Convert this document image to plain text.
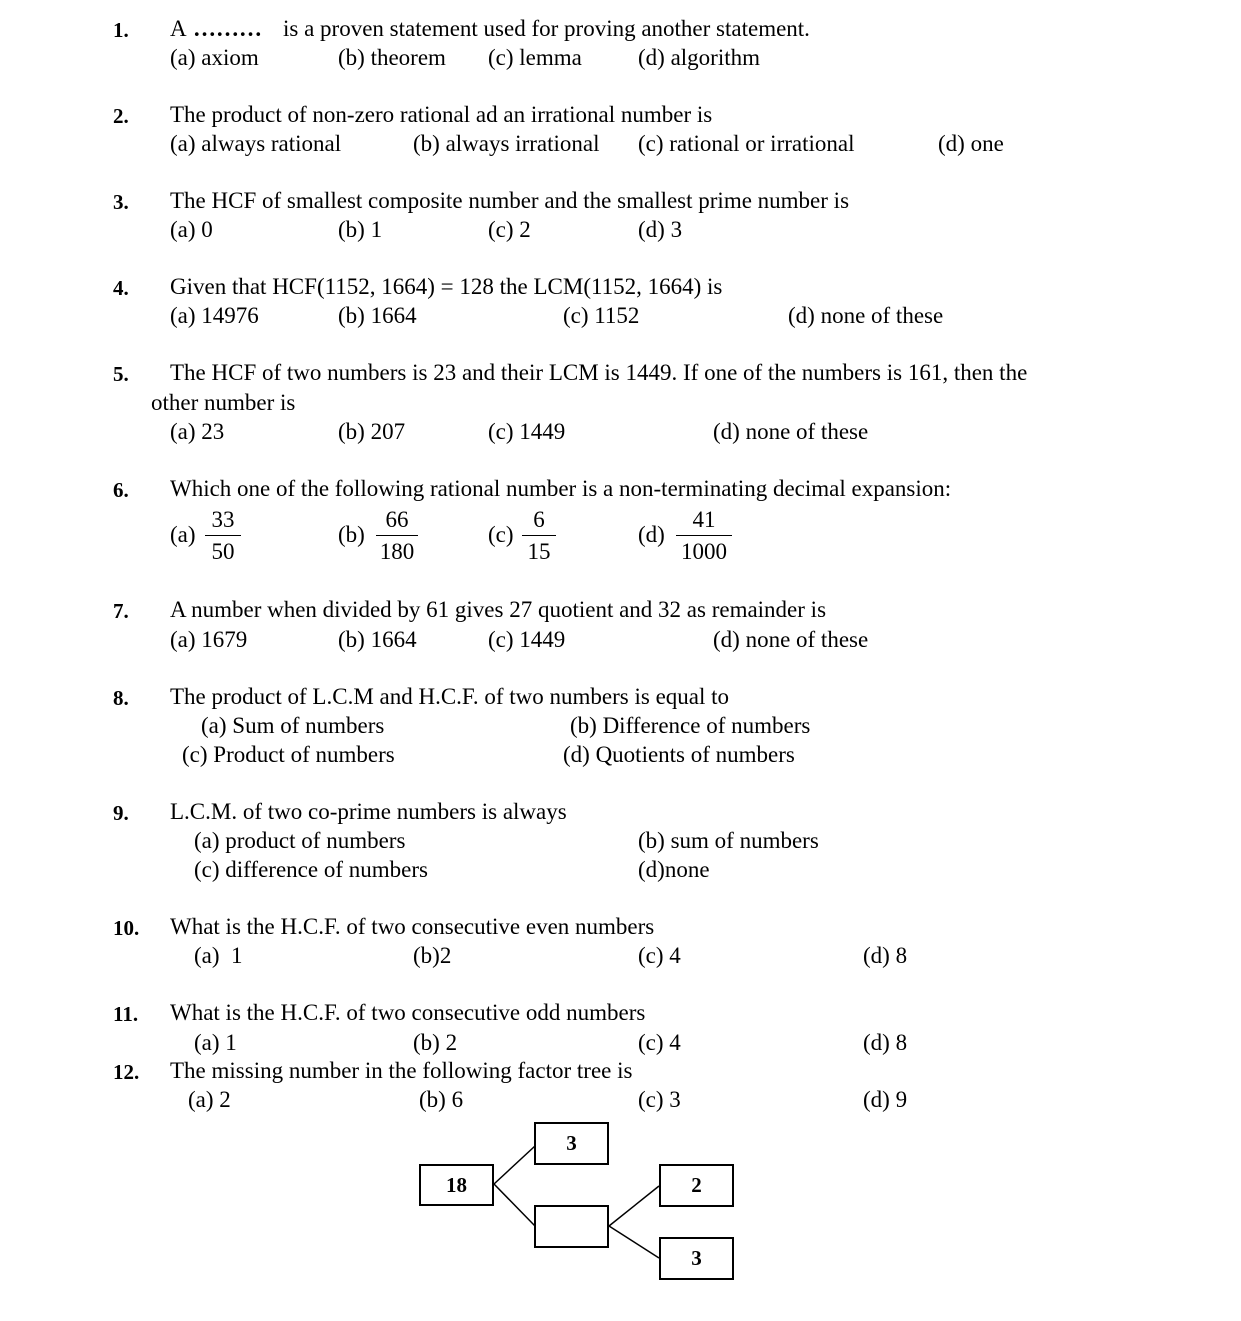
1. A ……… is a proven statement used for proving another statement.
(a) axiom	(b) theorem (c) lemma (d) algorithm
2. The product of non-zero rational ad an irrational number is
(a) always rational	(b) always irrational (c) rational or irrational	(d) one
3. The HCF of smallest composite number and the smallest prime number is
(a) 0	(b) 1	(c) 2	(d) 3
4. Given that HCF(1152, 1664) = 128 the LCM(1152, 1664) is
(a) 14976	(b) 1664	(c) 1152	(d) none of these
5. The HCF of two numbers is 23 and their LCM is 1449. If one of the numbers is 161, then the
other number is
(a) 23	(b) 207	(c) 1449	(d) none of these
6. Which one of the following rational number is a non-terminating decimal expansion:
(a)
33
50
(b)
66
180
(c)
6
15
(d)
41
1000
7. A number when divided by 61 gives 27 quotient and 32 as remainder is
(a) 1679	(b) 1664	(c) 1449	(d) none of these
8. The product of L.C.M and H.C.F. of two numbers is equal to
(a) Sum of numbers	(b) Difference of numbers
(c) Product of numbers	(d) Quotients of numbers
9. L.C.M. of two co-prime numbers is always
(a) product of numbers	(b) sum of numbers
(c) difference of numbers	(d)none
10. What is the H.C.F. of two consecutive even numbers
(a)  1	(b)2	(c) 4	(d) 8
11. What is the H.C.F. of two consecutive odd numbers
(a) 1	(b) 2	(c) 4	(d) 8
12. The missing number in the following factor tree is
(a) 2	(b) 6	(c) 3	(d) 9
18
3
2
3
